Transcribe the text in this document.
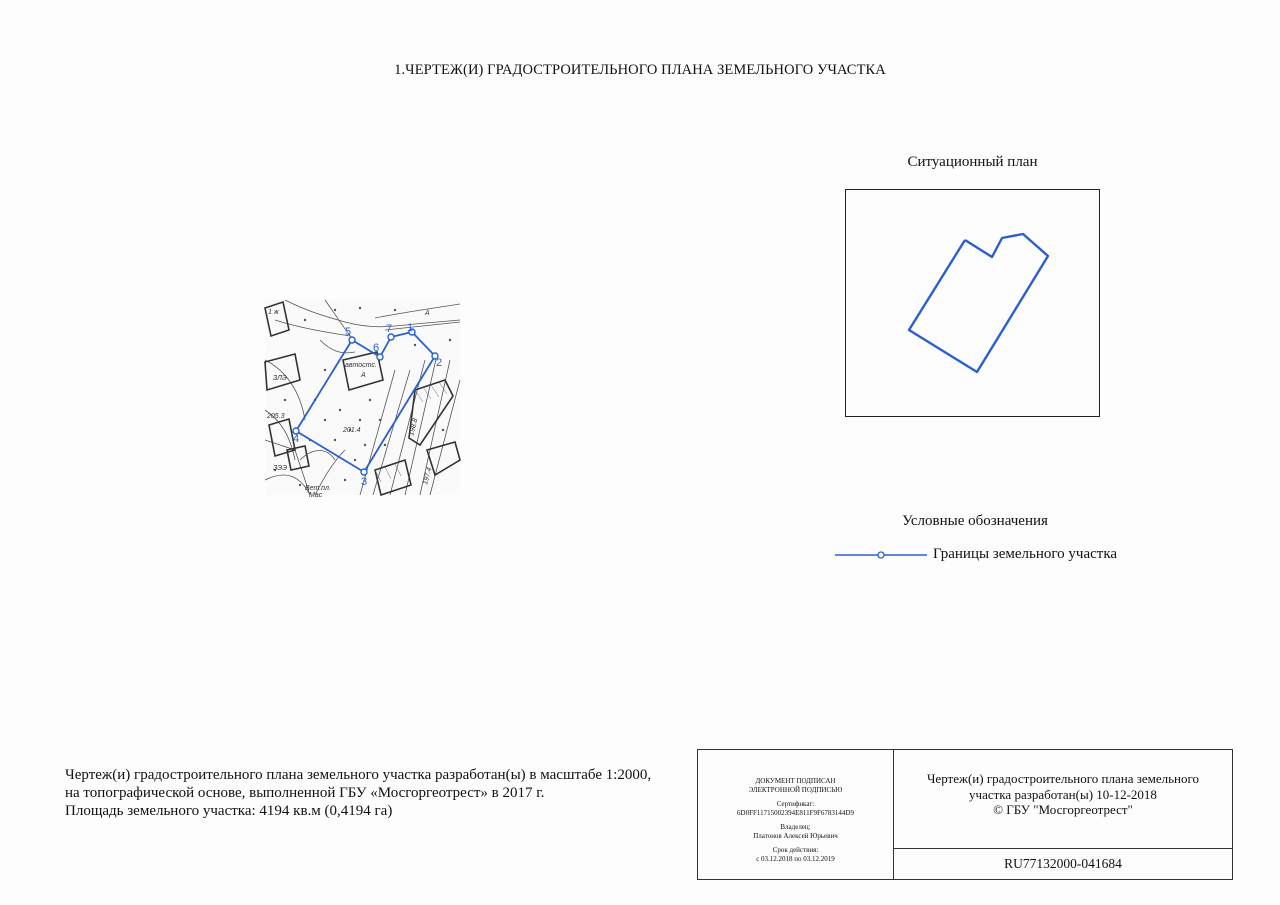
1.ЧЕРТЕЖ(И) ГРАДОСТРОИТЕЛЬНОГО ПЛАНА ЗЕМЕЛЬНОГО УЧАСТКА
Ситуационный план
автостс.
А
А
205.3
201.4
Вет.пл.
Мас
198.8
197.4
1 ж
ЗЛЭ
ЗЭЭ
1
2
3
4
5
6
7
Условные обозначения
Границы земельного участка
Чертеж(и) градостроительного плана земельного участка разработан(ы) в масштабе 1:2000,
на топографической основе, выполненной ГБУ «Мосгоргеотрест» в 2017 г.
Площадь земельного участка: 4194 кв.м (0,4194 га)
ДОКУМЕНТ ПОДПИСАН
ЭЛЕКТРОННОЙ ПОДПИСЬЮ
Сертификат:
6D0FF11715002394E811F9F6783144D9
Владелец:
Платонов Алексей Юрьевич
Срок действия:
с 03.12.2018 по 03.12.2019
Чертеж(и) градостроительного плана земельного
участка разработан(ы) 10-12-2018
© ГБУ "Мосгоргеотрест"
RU77132000-041684
